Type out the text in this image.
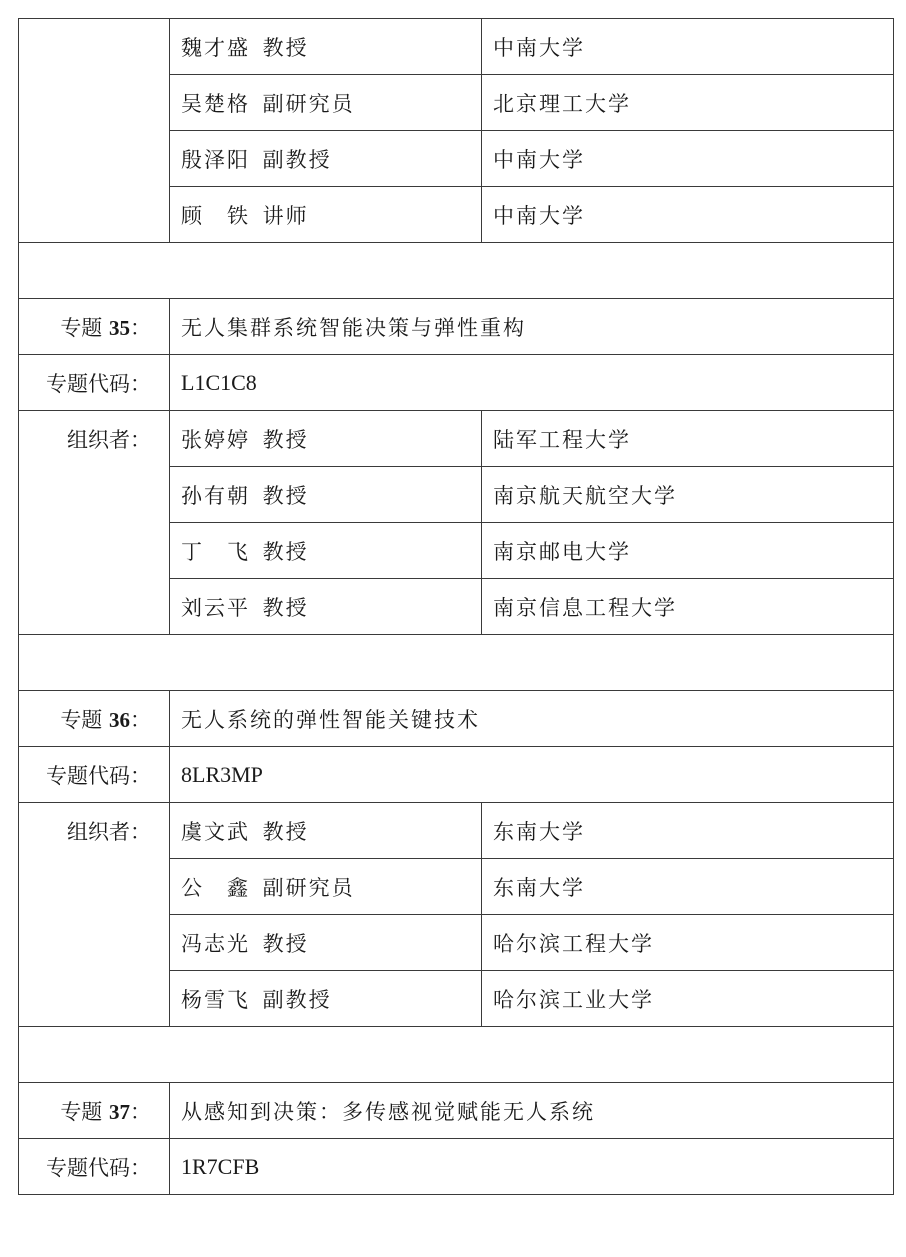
	魏才盛 教授	中南大学
	吴楚格 副研究员	北京理工大学
	殷泽阳 副教授	中南大学
	顾　铁 讲师	中南大学

专题 35：	无人集群系统智能决策与弹性重构	
专题代码：	L1C1C8	
组织者：	张婷婷 教授	陆军工程大学
	孙有朝 教授	南京航天航空大学
	丁　飞 教授	南京邮电大学
	刘云平 教授	南京信息工程大学

专题 36：	无人系统的弹性智能关键技术	
专题代码：	8LR3MP	
组织者：	虞文武 教授	东南大学
	公　鑫 副研究员	东南大学
	冯志光 教授	哈尔滨工程大学
	杨雪飞 副教授	哈尔滨工业大学

专题 37：	从感知到决策：多传感视觉赋能无人系统	
专题代码：	1R7CFB	
